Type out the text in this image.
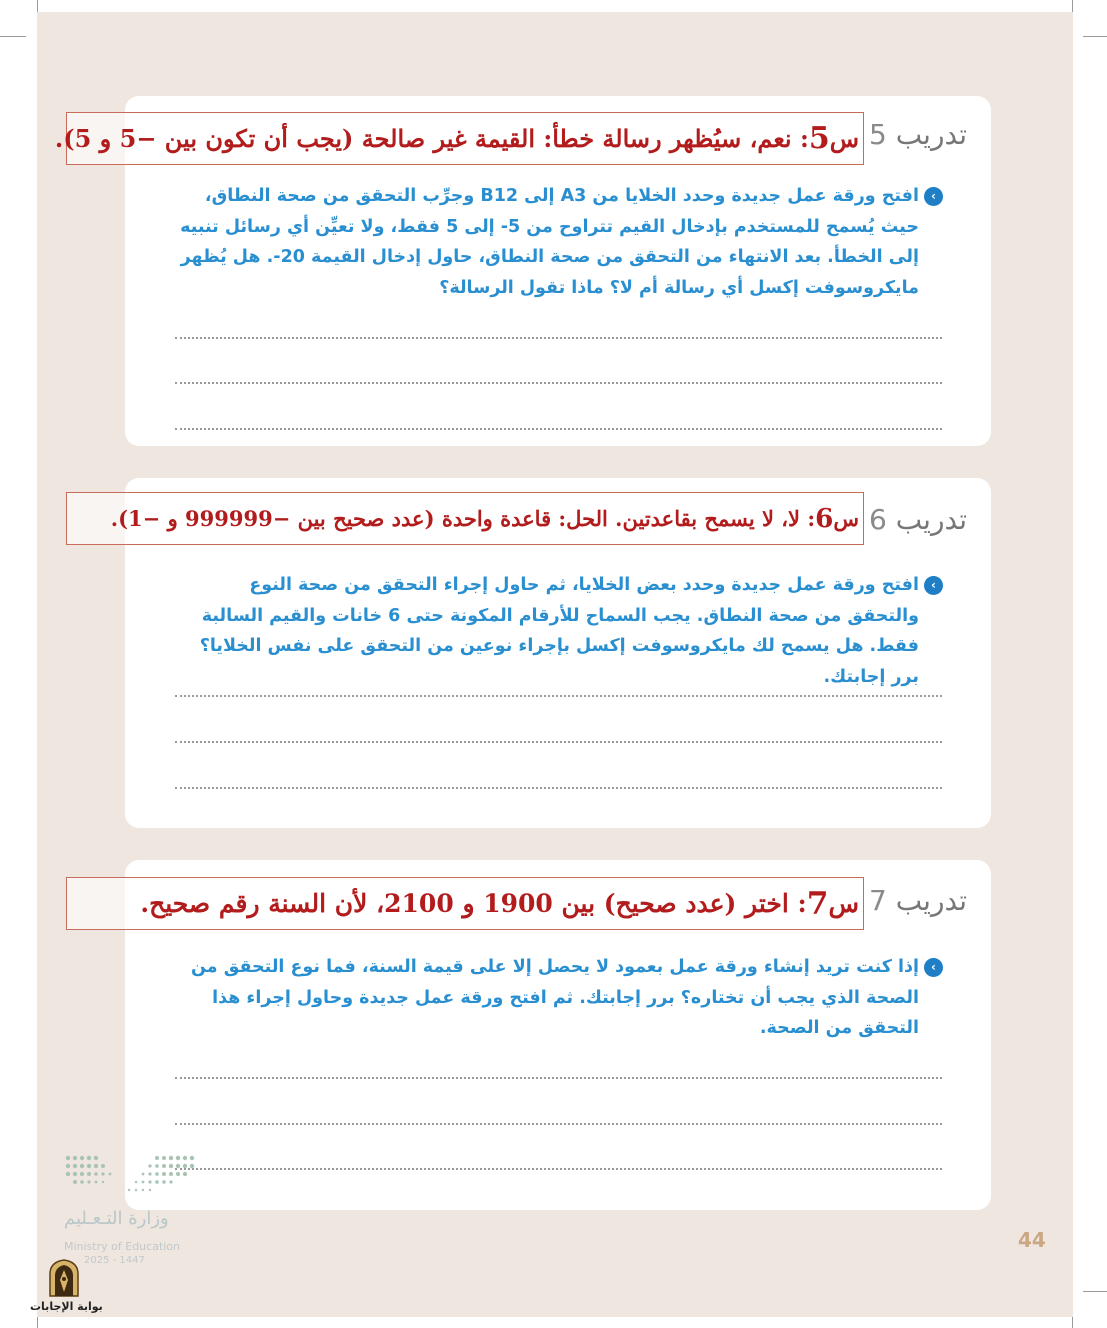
تدريب 5
س
5
: نعم، سيُظهر رسالة خطأ: القيمة غير صالحة (يجب أن تكون بين −5 و 5).
‹
افتح ورقة عمل جديدة وحدد الخلايا من A3 إلى B12 وجرِّب التحقق من صحة النطاق، حيث يُسمح للمستخدم بإدخال القيم تتراوح من 5- إلى 5 فقط، ولا تعيِّن أي رسائل تنبيه إلى الخطأ. بعد الانتهاء من التحقق من صحة النطاق، حاول إدخال القيمة 20-. هل يُظهر مايكروسوفت إكسل أي رسالة أم لا؟ ماذا تقول الرسالة؟
تدريب 6
س
6
: لا، لا يسمح بقاعدتين. الحل: قاعدة واحدة (عدد صحيح بين −999999 و −1).
‹
افتح ورقة عمل جديدة وحدد بعض الخلايا، ثم حاول إجراء التحقق من صحة النوع والتحقق من صحة النطاق. يجب السماح للأرقام المكونة حتى 6 خانات والقيم السالبة فقط. هل يسمح لك مايكروسوفت إكسل بإجراء نوعين من التحقق على نفس الخلايا؟ برر إجابتك.
تدريب 7
س
7
: اختر (عدد صحيح) بين 1900 و 2100، لأن السنة رقم صحيح.
‹
إذا كنت تريد إنشاء ورقة عمل بعمود لا يحصل إلا على قيمة السنة، فما نوع التحقق من الصحة الذي يجب أن تختاره؟ برر إجابتك. ثم افتح ورقة عمل جديدة وحاول إجراء هذا التحقق من الصحة.
44
وزارة التـعـليم
Ministry of Education
2025 - 1447
بوابة الإجابات
